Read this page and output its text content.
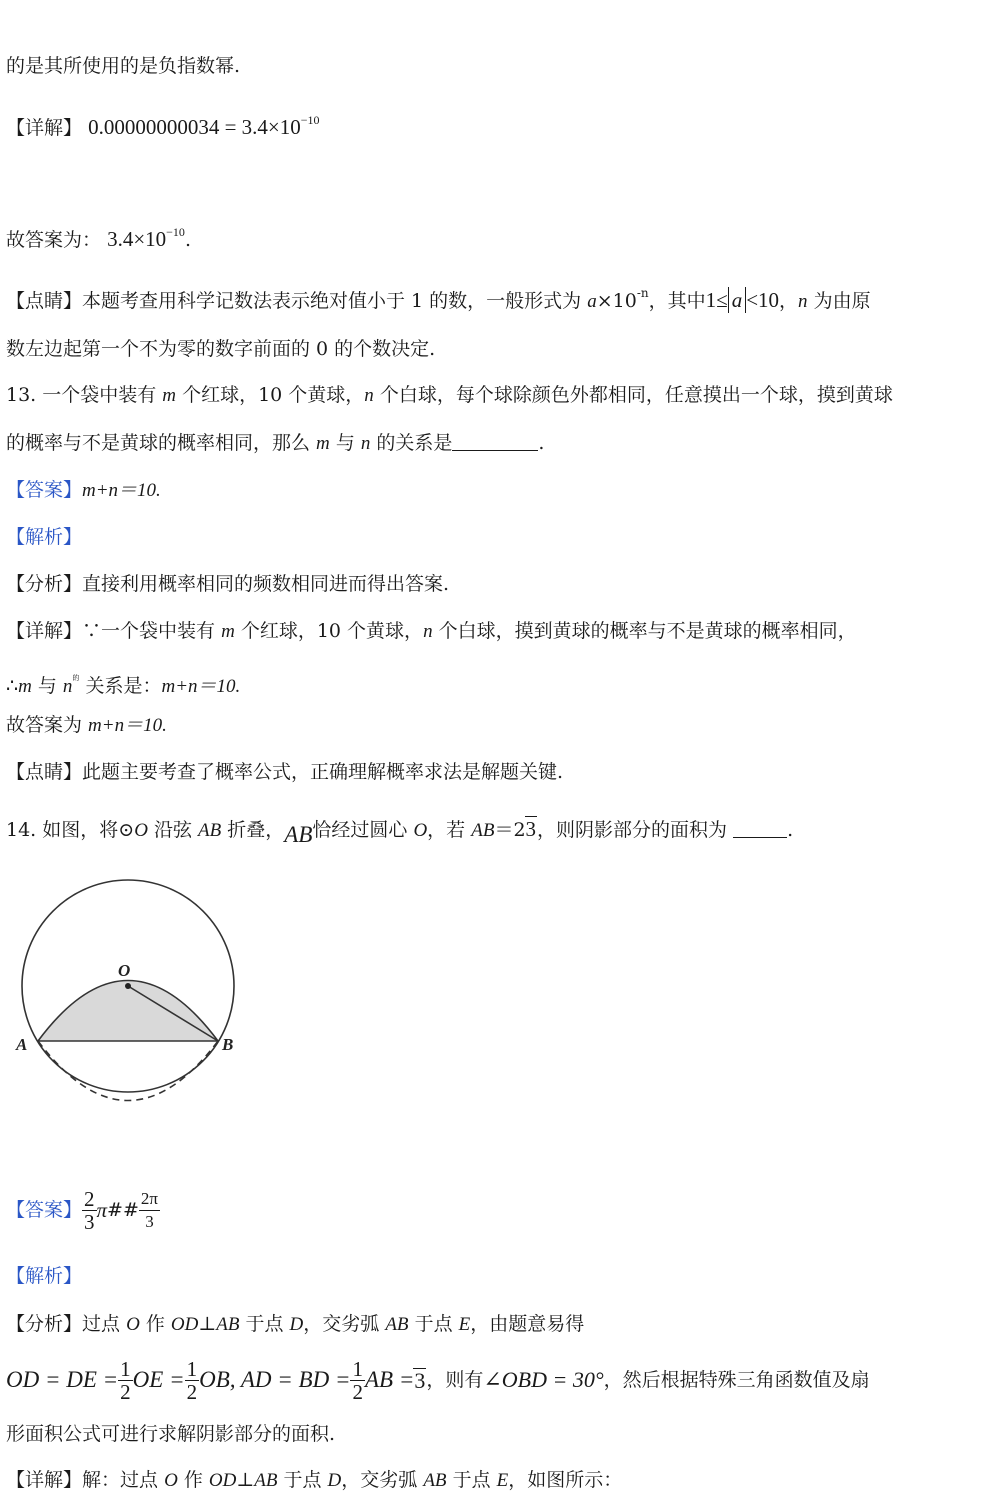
的是其所使用的是负指数幂.
【详解】 $0.00000000034 = 3.4\times 10^{-10}$
故答案为： $3.4\times 10^{-10}$.
【点睛】本题考查用科学记数法表示绝对值小于 1 的数，一般形式为 $a\times 10^{-n}$，其中1≤ a <10，n 为由原
数左边起第一个不为零的数字前面的 0 的个数决定.
13. 一个袋中装有 m 个红球，10 个黄球，n 个白球，每个球除颜色外都相同，任意摸出一个球，摸到黄球
的概率与不是黄球的概率相同，那么 m 与 n 的关系是	.
【答案】m+n＝10.
【解析】
【分析】直接利用概率相同的频数相同进而得出答案.
【详解】∵一个袋中装有 m 个红球，10 个黄球，n 个白球，摸到黄球的概率与不是黄球的概率相同，
∴m 与 $n^的$ 关系是：m+n＝10.
故答案为 m+n＝10.
【点睛】此题主要考查了概率公式，正确理解概率求法是解题关键.
14. 如图，将⊙O 沿弦 AB 折叠，AB恰经过圆心 O，若 AB＝23，则阴影部分的面积为	.
O
A	B
【答案】 $\frac{2}{3}$ π ## $\frac{2\pi}{3}$
【解析】
【分析】过点 O 作 OD⊥AB 于点 D，交劣弧 AB 于点 E，由题意易得
OD = DE = $\frac{1}{2}$ OE = $\frac{1}{2}$ OB, AD = BD = $\frac{1}{2}$ AB = 3 ，则有 ∠OBD = 30° ，然后根据特殊三角函数值及扇
形面积公式可进行求解阴影部分的面积.
【详解】解：过点 O 作 OD⊥AB 于点 D，交劣弧 AB 于点 E，如图所示：
